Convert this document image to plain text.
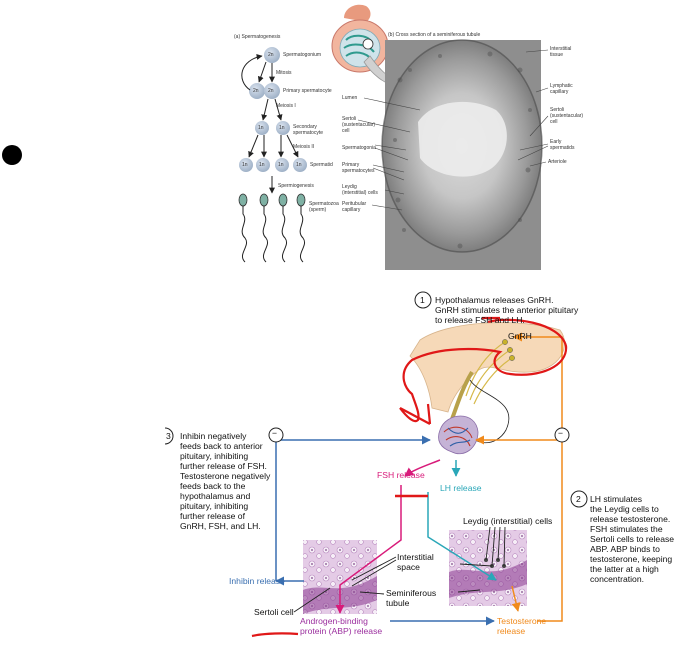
(a) Spermatogenesis	(b) Cross section of a seminiferous tubule
2n
2n 2n
1n	1n
1n 1n	1n 1n
Spermatogonium
Mitosis
Primary spermatocyte
Meiosis I
Secondary
spermatocyte
Meiosis II
Spermatid
Spermiogenesis
Spermatozoa
(sperm)
Lumen
Sertoli
(sustentacular)
cell
Spermatogonia
Primary
spermatocytes
Leydig
(interstitial) cells
Peritubular
capillary
Interstitial
tissue
Lymphatic
capillary
Sertoli
(sustentacular)
cell
Early
spermatids
Arteriole
1 Hypothalamus releases GnRH.
GnRH stimulates the anterior pituitary
to release FSH and LH.
GnRH
2 LH stimulates
the Leydig cells to
release testosterone.
FSH stimulates the
Sertoli cells to release
ABP. ABP binds to
testosterone, keeping
the latter at a high
concentration.
3 Inhibin negatively
feeds back to anterior
pituitary, inhibiting
further release of FSH.
Testosterone negatively
feeds back to the
hypothalamus and
pituitary, inhibiting
further release of
GnRH, FSH, and LH.
−	−
FSH release
LH release
Leydig (interstitial) cells
Interstitial
space
Seminiferous
tubule
Sertoli cell
Inhibin release
Androgen-binding
protein (ABP) release
Testosterone
release
